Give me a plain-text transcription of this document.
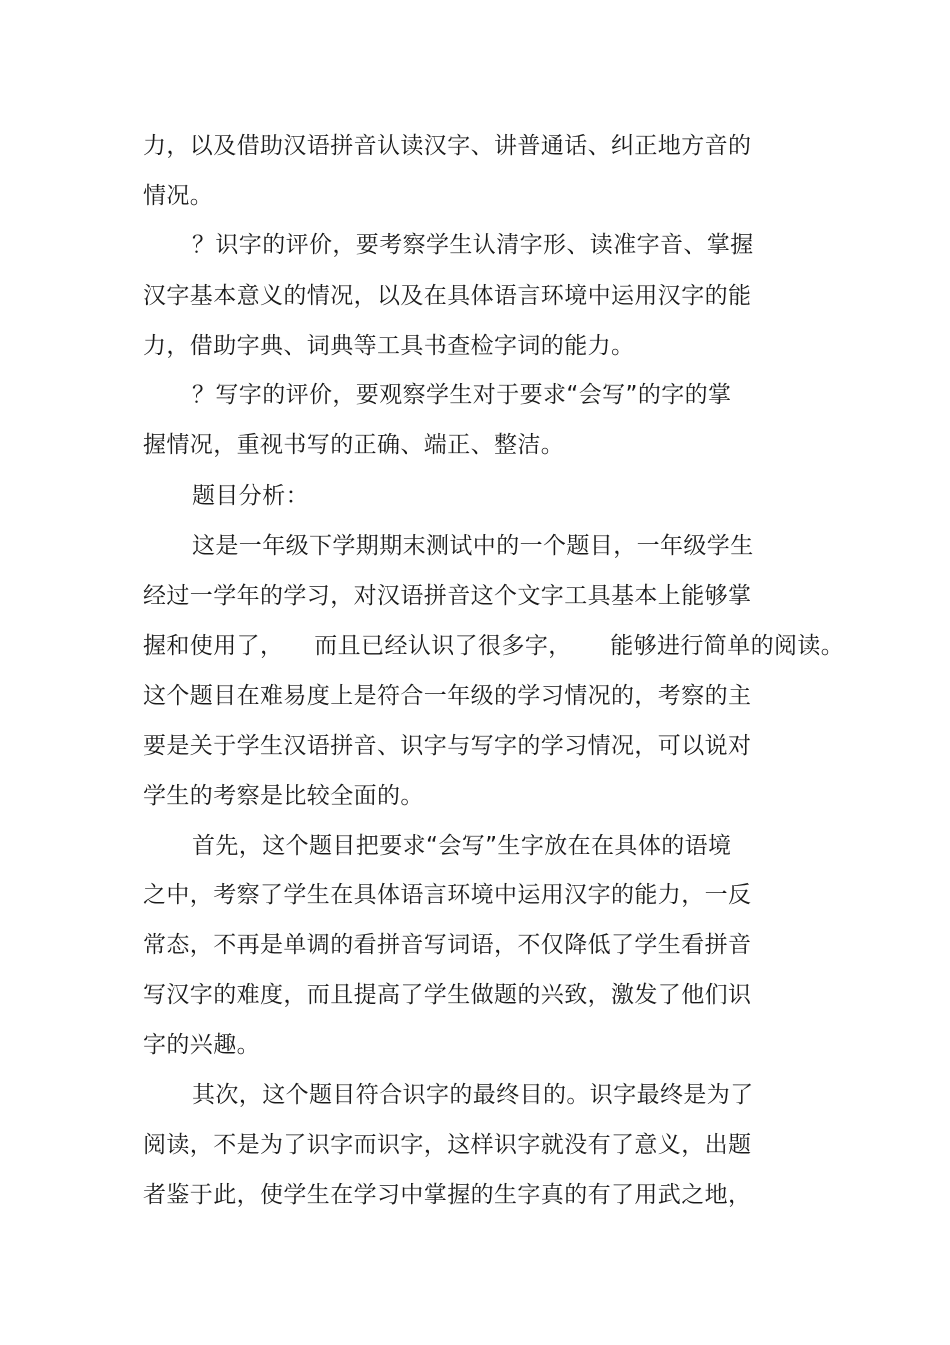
力，以及借助汉语拼音认读汉字、讲普通话、纠正地方音的
情况。
？识字的评价，要考察学生认清字形、读准字音、掌握
汉字基本意义的情况，以及在具体语言环境中运用汉字的能
力，借助字典、词典等工具书查检字词的能力。
？写字的评价，要观察学生对于要求“会写”的字的掌
握情况，重视书写的正确、端正、整洁。
题目分析：
这是一年级下学期期末测试中的一个题目，一年级学生
经过一学年的学习，对汉语拼音这个文字工具基本上能够掌
握和使用了，    而且已经认识了很多字，     能够进行简单的阅读。
这个题目在难易度上是符合一年级的学习情况的，考察的主
要是关于学生汉语拼音、识字与写字的学习情况，可以说对
学生的考察是比较全面的。
首先，这个题目把要求“会写”生字放在在具体的语境
之中，考察了学生在具体语言环境中运用汉字的能力，一反
常态，不再是单调的看拼音写词语，不仅降低了学生看拼音
写汉字的难度，而且提高了学生做题的兴致，激发了他们识
字的兴趣。
其次，这个题目符合识字的最终目的。识字最终是为了
阅读，不是为了识字而识字，这样识字就没有了意义，出题
者鉴于此，使学生在学习中掌握的生字真的有了用武之地，
